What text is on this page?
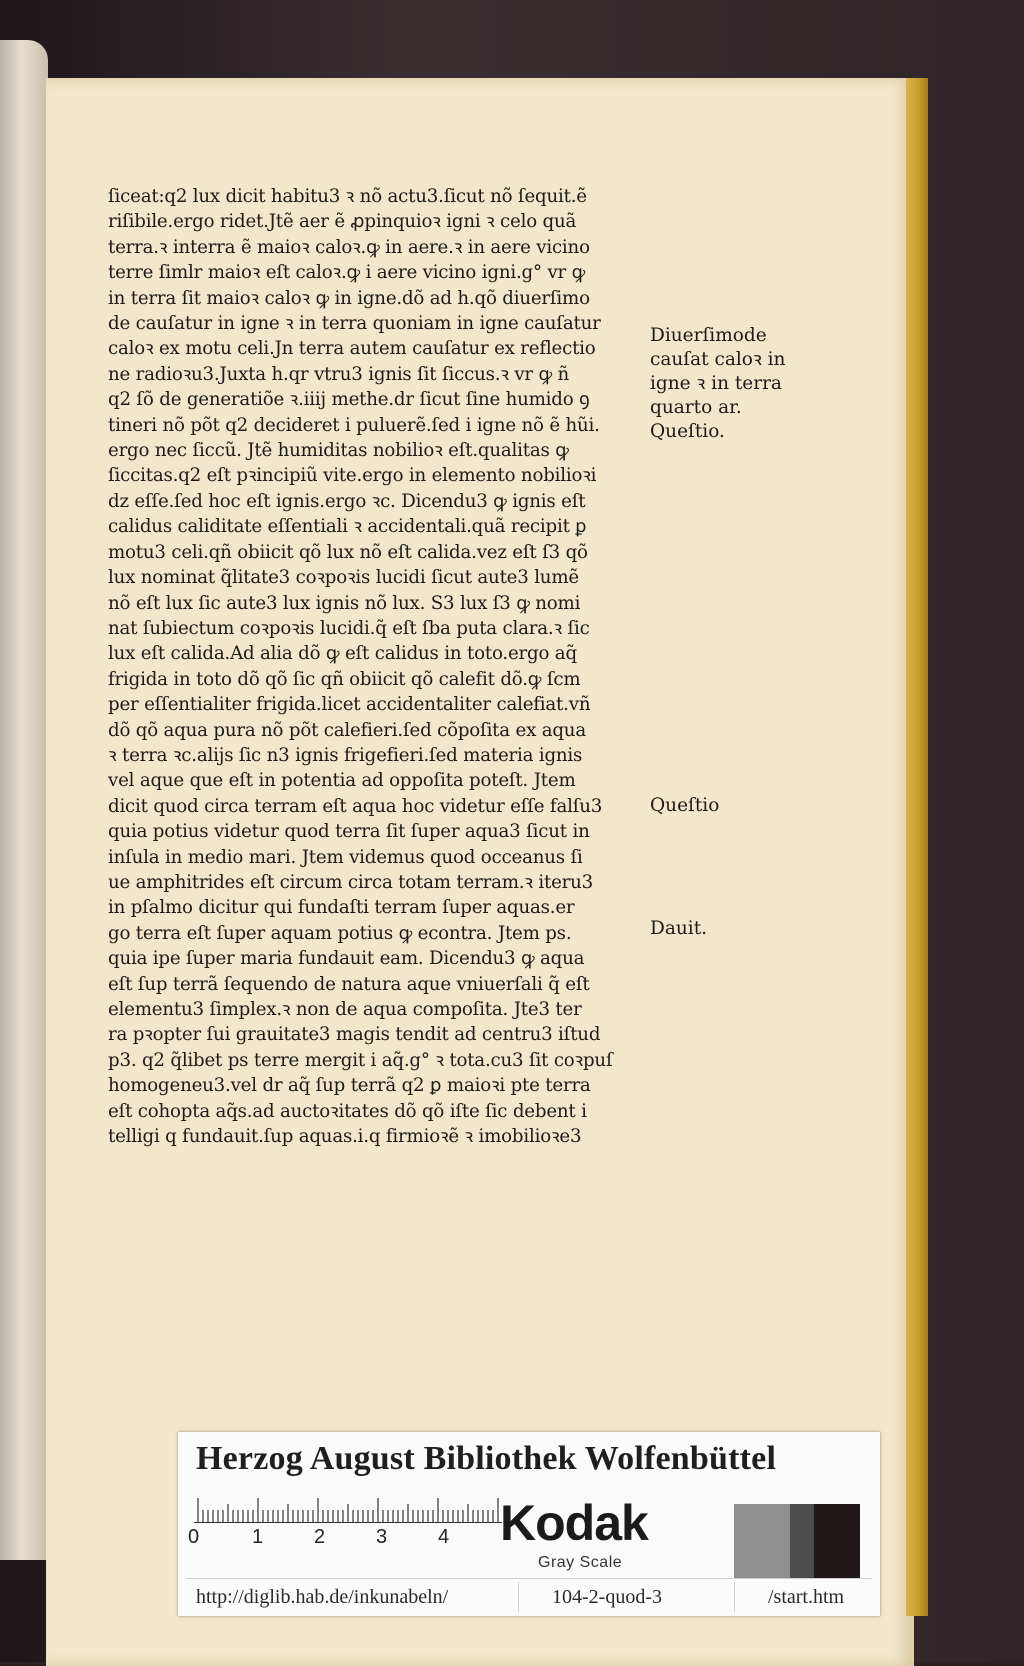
ſiceat:q2 lux dicit habitu3 ꝛ nõ actu3.ſicut nõ ſequit.ẽ
riſibile.ergo ridet.Jtẽ aer ẽ ꝓpinquioꝛ igni ꝛ celo quã
terra.ꝛ interra ẽ maioꝛ caloꝛ.ꝙ in aere.ꝛ in aere vicino
terre ſimlr maioꝛ eſt caloꝛ.ꝙ i aere vicino igni.g° vr ꝙ
in terra ſit maioꝛ caloꝛ ꝙ in igne.dõ ad h.qõ diuerſimo
de cauſatur in igne ꝛ in terra quoniam in igne cauſatur
caloꝛ ex motu celi.Jn terra autem cauſatur ex reflectio
ne radioꝛu3.Juxta h.qr vtru3 ignis ſit ſiccus.ꝛ vr ꝙ ñ
q2 ſõ de generatiõe ꝛ.iiij methe.dr ſicut ſine humido ꝯ
tineri nõ põt q2 decideret i puluerẽ.ſed i igne nõ ẽ hũi.
ergo nec ſiccũ. Jtẽ humiditas nobilioꝛ eſt.qualitas ꝙ
ſiccitas.q2 eſt pꝛincipiũ vite.ergo in elemento nobilioꝛi
dz eſſe.ſed hoc eſt ignis.ergo ꝛc. Dicendu3 ꝙ ignis eſt
calidus caliditate eſſentiali ꝛ accidentali.quã recipit ꝑ
motu3 celi.qñ obiicit qõ lux nõ eſt calida.vez eſt ſ3 qõ
lux nominat q̃litate3 coꝛpoꝛis lucidi ſicut aute3 lumẽ
nõ eſt lux ſic aute3 lux ignis nõ lux. S3 lux ſ3 ꝙ nomi
nat ſubiectum coꝛpoꝛis lucidi.q̃ eſt ſba puta clara.ꝛ ſic
lux eſt calida.Ad alia dõ ꝙ eſt calidus in toto.ergo aq̃
frigida in toto dõ qõ ſic qñ obiicit qõ calefit dõ.ꝙ ſcm
per eſſentialiter frigida.licet accidentaliter calefiat.vñ
dõ qõ aqua pura nõ põt calefieri.ſed cõpoſita ex aqua
ꝛ terra ꝛc.alijs ſic n3 ignis frigefieri.ſed materia ignis
vel aque que eſt in potentia ad oppoſita poteſt. Jtem
dicit quod circa terram eſt aqua hoc videtur eſſe falſu3
quia potius videtur quod terra ſit ſuper aqua3 ſicut in
inſula in medio mari. Jtem videmus quod occeanus ſi
ue amphitrides eſt circum circa totam terram.ꝛ iteru3
in pſalmo dicitur qui fundaſti terram ſuper aquas.er
go terra eſt ſuper aquam potius ꝙ econtra. Jtem ps.
quia ipe ſuper maria fundauit eam. Dicendu3 ꝙ aqua
eſt ſup terrã ſequendo de natura aque vniuerſali q̃ eſt
elementu3 ſimplex.ꝛ non de aqua compoſita. Jte3 ter
ra pꝛopter ſui grauitate3 magis tendit ad centru3 iſtud
p3. q2 q̃libet ps terre mergit i aq̃.g° ꝛ tota.cu3 ſit coꝛpuſ
homogeneu3.vel dr aq̃ ſup terrã q2 ꝑ maioꝛi pte terra
eſt cohopta aq̃s.ad auctoꝛitates dõ qõ iſte ſic debent i
telligi q fundauit.ſup aquas.i.q firmioꝛẽ ꝛ imobilioꝛe3
Diuerſimode
cauſat caloꝛ in
igne ꝛ in terra
quarto ar.
Queſtio.
Queſtio
Dauit.
Herzog August Bibliothek Wolfenbüttel
0	1	2	3	4 Kodak
Gray Scale
http://diglib.hab.de/inkunabeln/	104-2-quod-3	/start.htm
